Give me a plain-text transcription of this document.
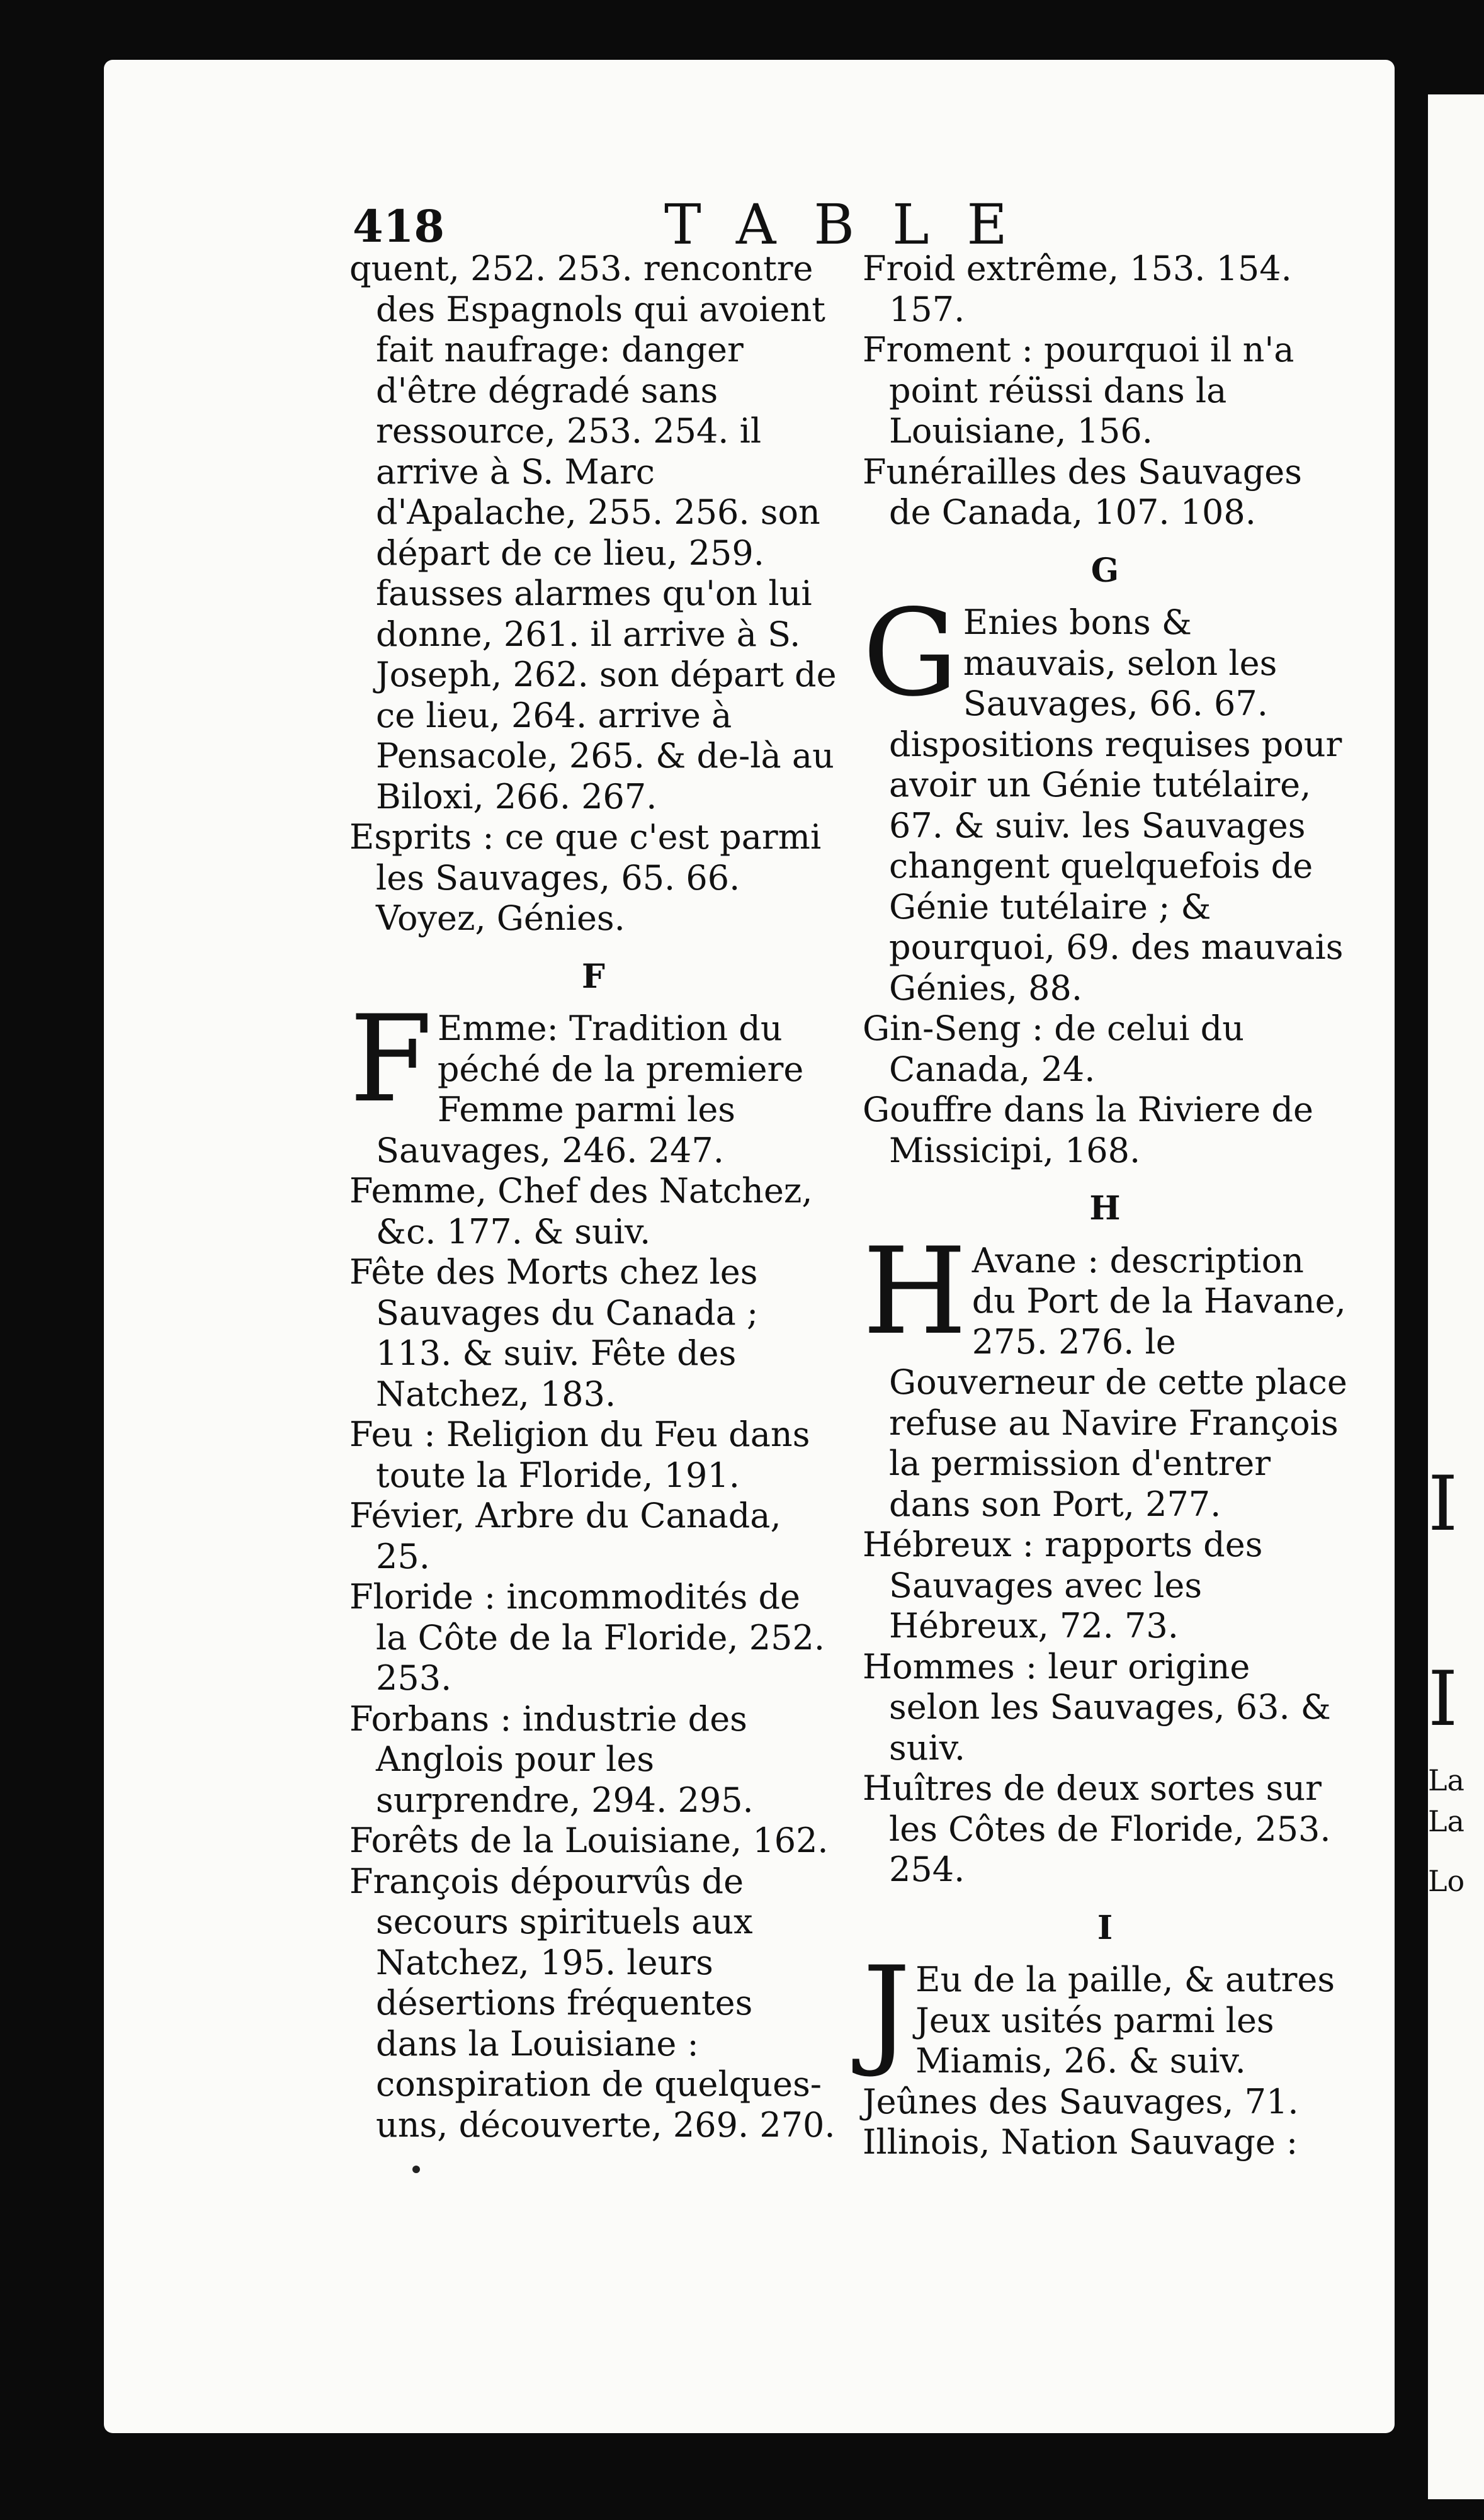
I
I
La
La
Lo
418	TABLE

quent, 252. 253. rencontre des Espagnols qui avoient fait naufrage: danger d'être dégradé sans ressource, 253. 254. il arrive à S. Marc d'Apalache, 255. 256. son départ de ce lieu, 259. fausses alarmes qu'on lui donne, 261. il arrive à S. Joseph, 262. son départ de ce lieu, 264. arrive à Pensacole, 265. & de-là au Biloxi, 266. 267.

Esprits : ce que c'est parmi les Sauvages, 65. 66. Voyez, Génies.

F

F Emme: Tradition du péché de la premiere Femme parmi les Sauvages, 246. 247.

Femme, Chef des Natchez, &c. 177. & suiv.

Fête des Morts chez les Sauvages du Canada ; 113. & suiv. Fête des Natchez, 183.

Feu : Religion du Feu dans toute la Floride, 191.

Févier, Arbre du Canada, 25.

Floride : incommodités de la Côte de la Floride, 252. 253.

Forbans : industrie des Anglois pour les surprendre, 294. 295.

Forêts de la Louisiane, 162.

François dépourvûs de secours spirituels aux Natchez, 195. leurs désertions fréquentes dans la Louisiane : conspiration de quelques-uns, découverte, 269. 270.

Froid extrême, 153. 154. 157.

Froment : pourquoi il n'a point réüssi dans la Louisiane, 156.

Funérailles des Sauvages de Canada, 107. 108.

G

G Enies bons & mauvais, selon les Sauvages, 66. 67. dispositions requises pour avoir un Génie tutélaire, 67. & suiv. les Sauvages changent quelquefois de Génie tutélaire ; & pourquoi, 69. des mauvais Génies, 88.

Gin-Seng : de celui du Canada, 24.

Gouffre dans la Riviere de Missicipi, 168.

H

H Avane : description du Port de la Havane, 275. 276. le Gouverneur de cette place refuse au Navire François la permission d'entrer dans son Port, 277.

Hébreux : rapports des Sauvages avec les Hébreux, 72. 73.

Hommes : leur origine selon les Sauvages, 63. & suiv.

Huîtres de deux sortes sur les Côtes de Floride, 253. 254.

I

J Eu de la paille, & autres Jeux usités parmi les Miamis, 26. & suiv.

Jeûnes des Sauvages, 71.

Illinois, Nation Sauvage :
